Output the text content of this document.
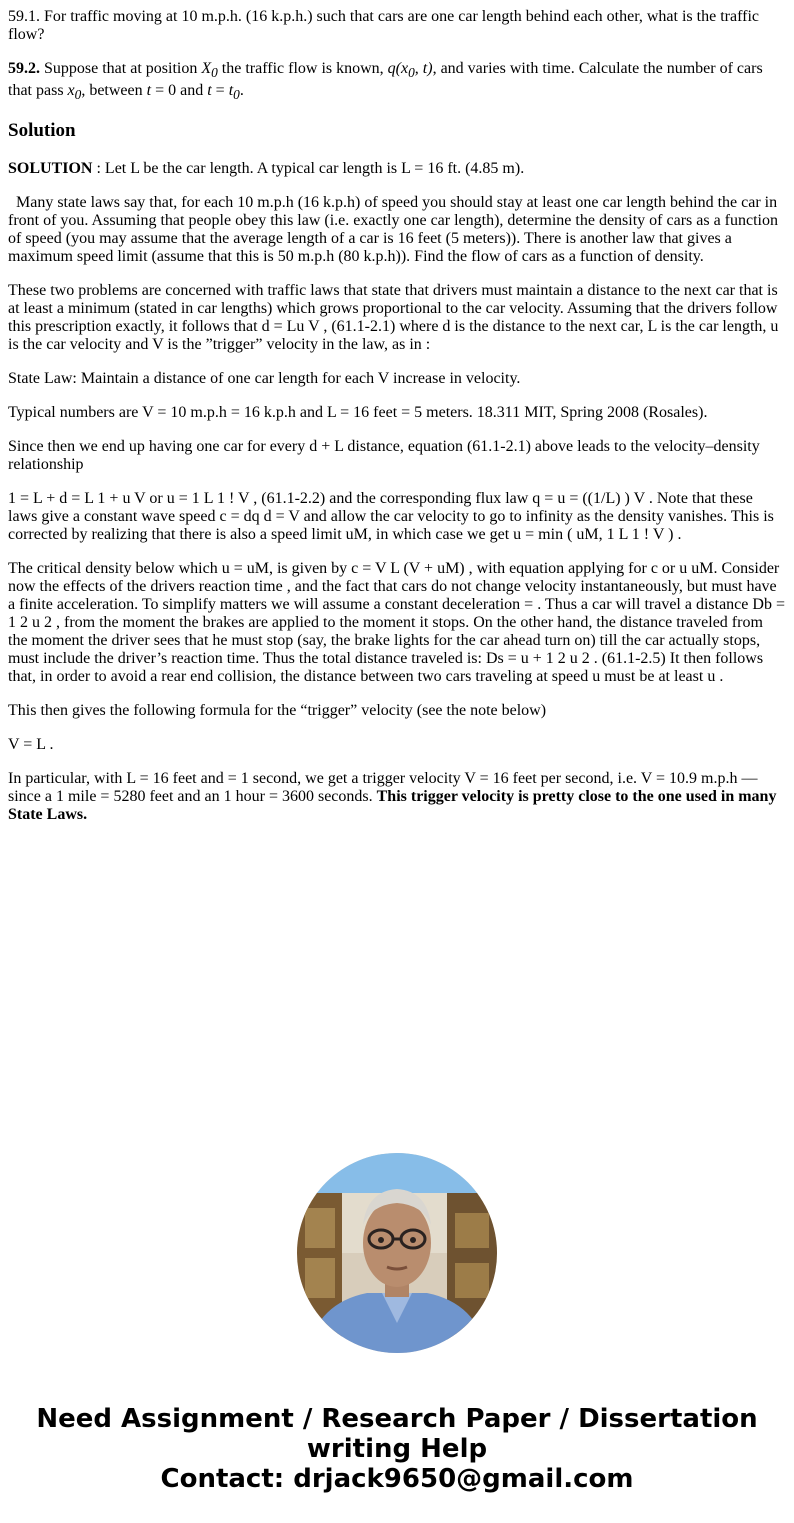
59.1. For traffic moving at 10 m.p.h. (16 k.p.h.) such that cars are one car length behind each other, what is the traffic flow?

59.2. Suppose that at position $X_0$ the traffic flow is known, $q(x_0$, t), and varies with time. Calculate the number of cars that pass $x_0$, between t = 0 and $t = t_0$.

Solution

SOLUTION : Let L be the car length. A typical car length is L = 16 ft. (4.85 m).

Many state laws say that, for each 10 m.p.h (16 k.p.h) of speed you should stay at least one car length behind the car in front of you. Assuming that people obey this law (i.e. exactly one car length), determine the density of cars as a function of speed (you may assume that the average length of a car is 16 feet (5 meters)). There is another law that gives a maximum speed limit (assume that this is 50 m.p.h (80 k.p.h)). Find the flow of cars as a function of density.

These two problems are concerned with traffic laws that state that drivers must maintain a distance to the next car that is at least a minimum (stated in car lengths) which grows proportional to the car velocity. Assuming that the drivers follow this prescription exactly, it follows that d = Lu V , (61.1-2.1) where d is the distance to the next car, L is the car length, u is the car velocity and V is the ”trigger” velocity in the law, as in :

State Law: Maintain a distance of one car length for each V increase in velocity.

Typical numbers are V = 10 m.p.h = 16 k.p.h and L = 16 feet = 5 meters. 18.311 MIT, Spring 2008 (Rosales).

Since then we end up having one car for every d + L distance, equation (61.1-2.1) above leads to the velocity–density relationship

1 = L + d = L 1 + u V or u = 1 L 1 ! V , (61.1-2.2) and the corresponding flux law q = u = ((1/L) ) V . Note that these laws give a constant wave speed c = dq d = V and allow the car velocity to go to infinity as the density vanishes. This is corrected by realizing that there is also a speed limit uM, in which case we get u = min ( uM, 1 L 1 ! V ) .

The critical density below which u = uM, is given by c = V L (V + uM) , with equation applying for c or u uM. Consider now the effects of the drivers reaction time , and the fact that cars do not change velocity instantaneously, but must have a finite acceleration. To simplify matters we will assume a constant deceleration = . Thus a car will travel a distance Db = 1 2 u 2 , from the moment the brakes are applied to the moment it stops. On the other hand, the distance traveled from the moment the driver sees that he must stop (say, the brake lights for the car ahead turn on) till the car actually stops, must include the driver’s reaction time. Thus the total distance traveled is: Ds = u + 1 2 u 2 . (61.1-2.5) It then follows that, in order to avoid a rear end collision, the distance between two cars traveling at speed u must be at least u .

This then gives the following formula for the “trigger” velocity (see the note below)

V = L .

In particular, with L = 16 feet and = 1 second, we get a trigger velocity V = 16 feet per second, i.e. V = 10.9 m.p.h — since a 1 mile = 5280 feet and an 1 hour = 3600 seconds. This trigger velocity is pretty close to the one used in many State Laws.

Need Assignment / Research Paper / Dissertation
writing Help
Contact: drjack9650@gmail.com
